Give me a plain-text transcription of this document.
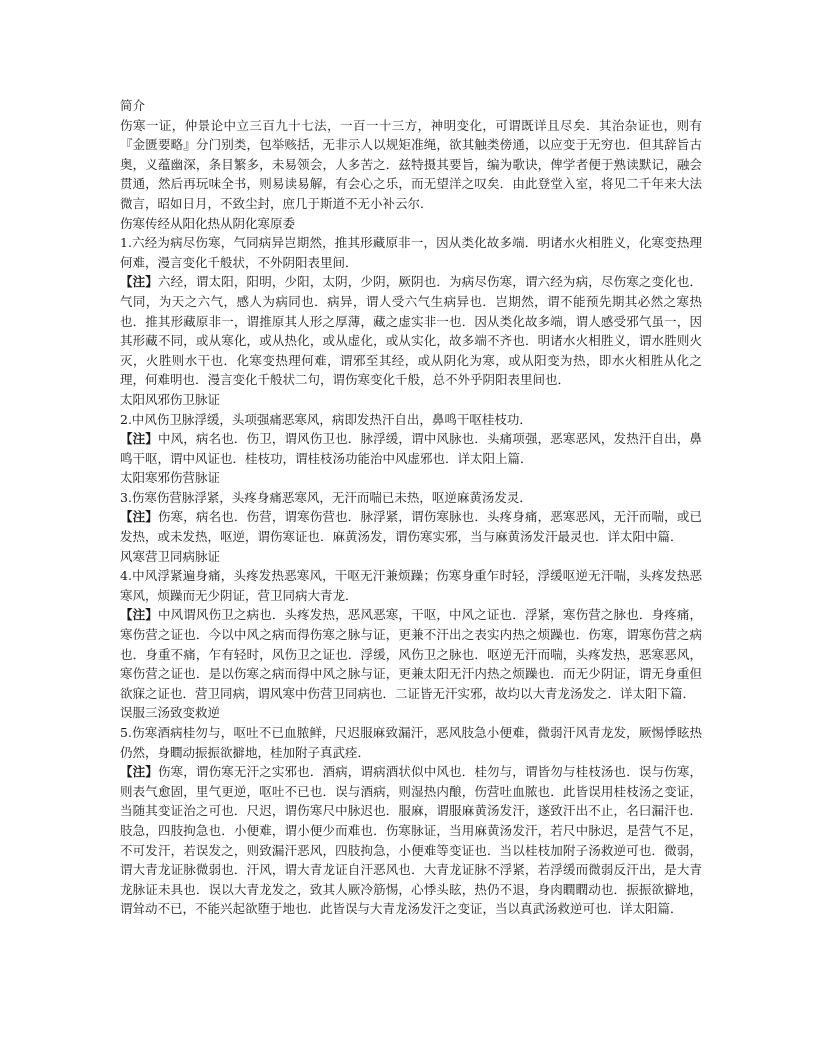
简介

伤寒一证，仲景论中立三百九十七法，一百一十三方，神明变化，可谓既详且尽矣．其治杂证也，则有『金匮要略』分门别类，包举赅括，无非示人以规矩准绳，欲其触类傍通，以应变于无穷也．但其辞旨古奥，义蕴幽深，条目繁多，未易领会，人多苦之．兹特摄其要旨，编为歌诀，俾学者便于熟读默记，融会贯通，然后再玩味全书，则易读易解，有会心之乐，而无望洋之叹矣．由此登堂入室，将见二千年来大法微言，昭如日月，不致尘封，庶几于斯道不无小补云尔．

伤寒传经从阳化热从阴化寒原委

1.六经为病尽伤寒，气同病异岂期然，推其形藏原非一，因从类化故多端．明诸水火相胜义，化寒变热理何难，漫言变化千般状，不外阴阳表里间．

【注】六经，谓太阳，阳明，少阳，太阴，少阴，厥阴也．为病尽伤寒，谓六经为病，尽伤寒之变化也．气同，为天之六气，感人为病同也．病异，谓人受六气生病异也．岂期然，谓不能预先期其必然之寒热也．推其形藏原非一，谓推原其人形之厚薄，藏之虚实非一也．因从类化故多端，谓人感受邪气虽一，因其形藏不同，或从寒化，或从热化，或从虚化，或从实化，故多端不齐也．明诸水火相胜义，谓水胜则火灭，火胜则水干也．化寒变热理何难，谓邪至其经，或从阴化为寒，或从阳变为热，即水火相胜从化之理，何难明也．漫言变化千般状二句，谓伤寒变化千般，总不外乎阴阳表里间也．

太阳风邪伤卫脉证

2.中风伤卫脉浮缓，头项强痛恶寒风，病即发热汗自出，鼻鸣干呕桂枝功．

【注】中风，病名也．伤卫，谓风伤卫也．脉浮缓，谓中风脉也．头痛项强，恶寒恶风，发热汗自出，鼻鸣干呕，谓中风证也．桂枝功，谓桂枝汤功能治中风虚邪也．详太阳上篇．

太阳寒邪伤营脉证

3.伤寒伤营脉浮紧，头疼身痛恶寒风，无汗而喘已未热，呕逆麻黄汤发灵．

【注】伤寒，病名也．伤营，谓寒伤营也．脉浮紧，谓伤寒脉也．头疼身痛，恶寒恶风，无汗而喘，或已发热，或未发热，呕逆，谓伤寒证也．麻黄汤发，谓伤寒实邪，当与麻黄汤发汗最灵也．详太阳中篇．

风寒营卫同病脉证

4.中风浮紧遍身痛，头疼发热恶寒风，干呕无汗兼烦躁；伤寒身重乍时轻，浮缓呕逆无汗喘，头疼发热恶寒风，烦躁而无少阴证，营卫同病大青龙．

【注】中风谓风伤卫之病也．头疼发热，恶风恶寒，干呕，中风之证也．浮紧，寒伤营之脉也．身疼痛，寒伤营之证也．今以中风之病而得伤寒之脉与证，更兼不汗出之表实内热之烦躁也．伤寒，谓寒伤营之病也．身重不痛，乍有轻时，风伤卫之证也．浮缓，风伤卫之脉也．呕逆无汗而喘，头疼发热，恶寒恶风，寒伤营之证也．是以伤寒之病而得中风之脉与证，更兼太阳无汗内热之烦躁也．而无少阴证，谓无身重但欲寐之证也．营卫同病，谓风寒中伤营卫同病也．二证皆无汗实邪，故均以大青龙汤发之．详太阳下篇．

误服三汤致变救逆

5.伤寒酒病桂勿与，呕吐不已血脓鲜，尺迟服麻致漏汗，恶风肢急小便难，微弱汗风青龙发，厥惕悸眩热仍然，身瞤动振振欲擗地，桂加附子真武痊．

【注】伤寒，谓伤寒无汗之实邪也．酒病，谓病酒状似中风也．桂勿与，谓皆勿与桂枝汤也．误与伤寒，则表气愈固，里气更逆，呕吐不已也．误与酒病，则湿热内酿，伤营吐血脓也．此皆误用桂枝汤之变证，当随其变证治之可也．尺迟，谓伤寒尺中脉迟也．服麻，谓服麻黄汤发汗，遂致汗出不止，名曰漏汗也．肢急，四肢拘急也．小便难，谓小便少而难也．伤寒脉证，当用麻黄汤发汗，若尺中脉迟，是营气不足，不可发汗，若误发之，则致漏汗恶风，四肢拘急，小便难等变证也．当以桂枝加附子汤救逆可也．微弱，谓大青龙证脉微弱也．汗风，谓大青龙证自汗恶风也．大青龙证脉不浮紧，若浮缓而微弱反汗出，是大青龙脉证未具也．误以大青龙发之，致其人厥冷筋惕，心悸头眩，热仍不退，身肉瞤瞤动也．振振欲擗地，谓耸动不已，不能兴起欲堕于地也．此皆误与大青龙汤发汗之变证，当以真武汤救逆可也．详太阳篇．
